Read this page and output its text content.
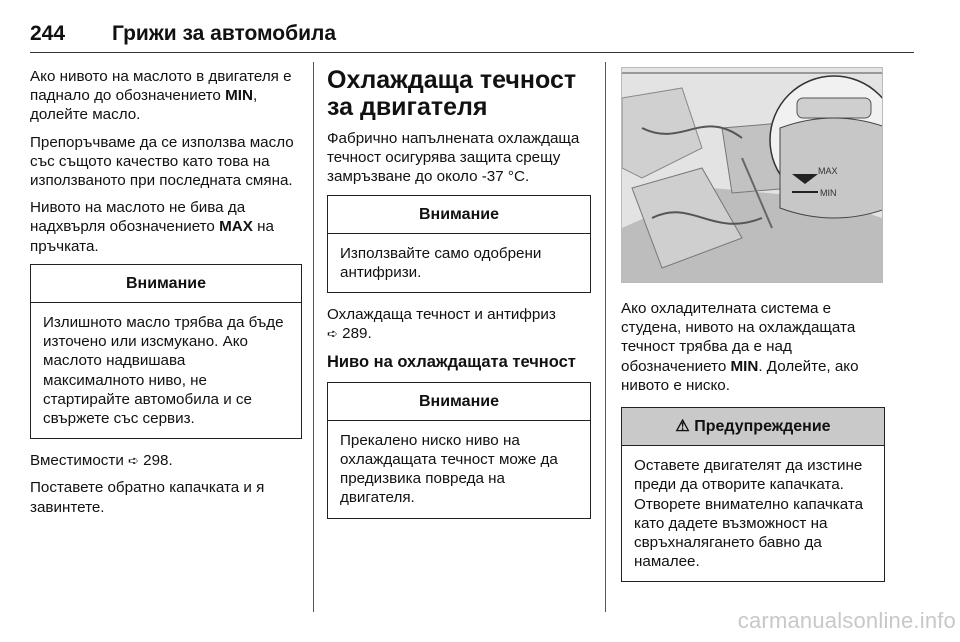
244 Грижи за автомобила

Ако нивото на маслото в двигателя е паднало до обозначението MIN, долейте масло.

Препоръчваме да се използва масло със същото качество като това на използваното при последната смяна.

Нивото на маслото не бива да надхвърля обозначението MAX на пръчката.

Внимание
Излишното масло трябва да бъде източено или изсмукано. Ако маслото надвишава максималното ниво, не стартирайте автомобила и се свържете със сервиз.

Вместимости ➪ 298.

Поставете обратно капачката и я завинтете.

Охлаждаща течност за двигателя

Фабрично напълнената охлаждаща течност осигурява защита срещу замръзване до около -37 °C.

Внимание
Използвайте само одобрени антифризи.

Охлаждаща течност и антифриз
➪ 289.

Ниво на охлаждащата течност
Внимание
Прекалено ниско ниво на охлаждащата течност може да предизвика повреда на двигателя.
MAX
MIN

Ако охладителната система е студена, нивото на охлаждащата течност трябва да е над обозначението MIN. Долейте, ако нивото е ниско.

⚠ Предупреждение
Оставете двигателят да изстине преди да отворите капачката. Отворете внимателно капачката като дадете възможност на свръхналягането бавно да намалее.
carmanualsonline.info
